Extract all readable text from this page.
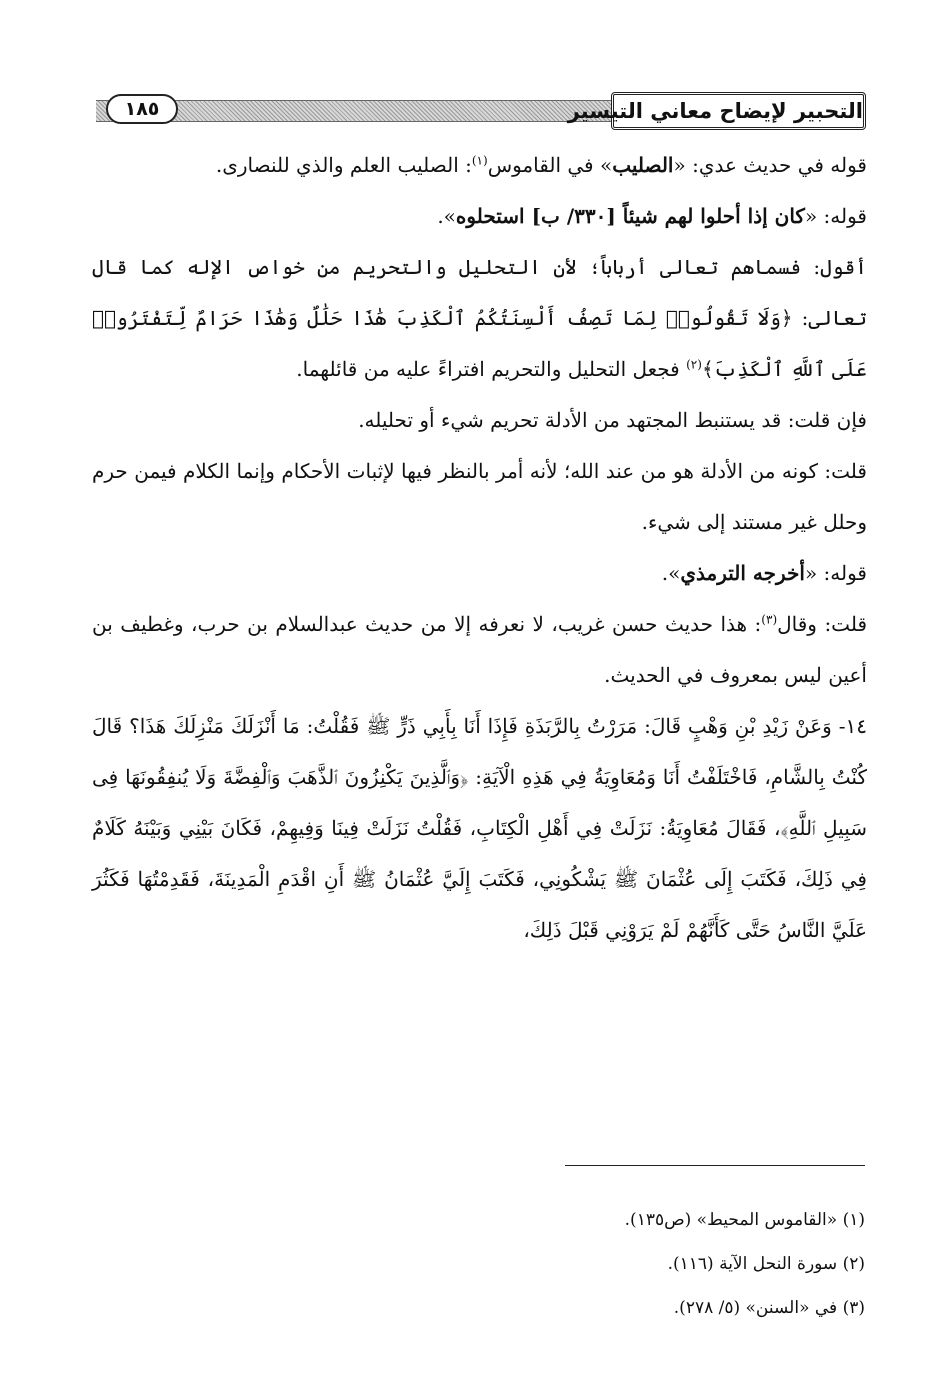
التحبير لإيضاح معاني التيسير
١٨٥

قوله في حديث عدي: «الصليب» في القاموس$^{(١)}$: الصليب العلم والذي للنصارى.

قوله: «كان إذا أحلوا لهم شيئاً [٣٣٠/ ب] استحلوه».

أقول: فسماهم تعالى أرباباً؛ لأن التحليل والتحريم من خواص الإله كما قال تعالى: ﴿وَلَا تَقُولُوا۟ لِمَا تَصِفُ أَلْسِنَتُكُمُ ٱلْكَذِبَ هَٰذَا حَلَٰلٌ وَهَٰذَا حَرَامٌ لِّتَفْتَرُوا۟ عَلَى ٱللَّهِ ٱلْكَذِبَ﴾$^{(٢)}$ فجعل التحليل والتحريم افتراءً عليه من قائلهما.

فإن قلت: قد يستنبط المجتهد من الأدلة تحريم شيء أو تحليله.

قلت: كونه من الأدلة هو من عند الله؛ لأنه أمر بالنظر فيها لإثبات الأحكام وإنما الكلام فيمن حرم وحلل غير مستند إلى شيء.

قوله: «أخرجه الترمذي».

قلت: وقال$^{(٣)}$: هذا حديث حسن غريب، لا نعرفه إلا من حديث عبدالسلام بن حرب، وغطيف بن أعين ليس بمعروف في الحديث.

١٤- وَعَنْ زَيْدِ بْنِ وَهْبٍ قَالَ: مَرَرْتُ بِالرَّبَذَةِ فَإِذَا أَنَا بِأَبِي ذَرٍّ ﷺ فَقُلْتُ: مَا أَنْزَلَكَ مَنْزِلَكَ هَذَا؟ قَالَ كُنْتُ بِالشَّامِ، فَاخْتَلَفْتُ أَنَا وَمُعَاوِيَةُ فِي هَذِهِ الْآيَةِ: ﴿وَٱلَّذِينَ يَكْنِزُونَ ٱلذَّهَبَ وَٱلْفِضَّةَ وَلَا يُنفِقُونَهَا فِى سَبِيلِ ٱللَّهِ﴾، فَقَالَ مُعَاوِيَةُ: نَزَلَتْ فِي أَهْلِ الْكِتَابِ، فَقُلْتُ نَزَلَتْ فِينَا وَفِيهِمْ، فَكَانَ بَيْنِي وَبَيْنَهُ كَلَامٌ فِي ذَلِكَ، فَكَتَبَ إِلَى عُثْمَانَ ﷺ يَشْكُونِي، فَكَتَبَ إِلَيَّ عُثْمَانُ ﷺ أَنِ اقْدَمِ الْمَدِينَةَ، فَقَدِمْتُهَا فَكَثُرَ عَلَيَّ النَّاسُ حَتَّى كَأَنَّهُمْ لَمْ يَرَوْنِي قَبْلَ ذَلِكَ،

(١) «القاموس المحيط» (ص١٣٥).

(٢) سورة النحل الآية (١١٦).

(٣) في «السنن» (٥/ ٢٧٨).
